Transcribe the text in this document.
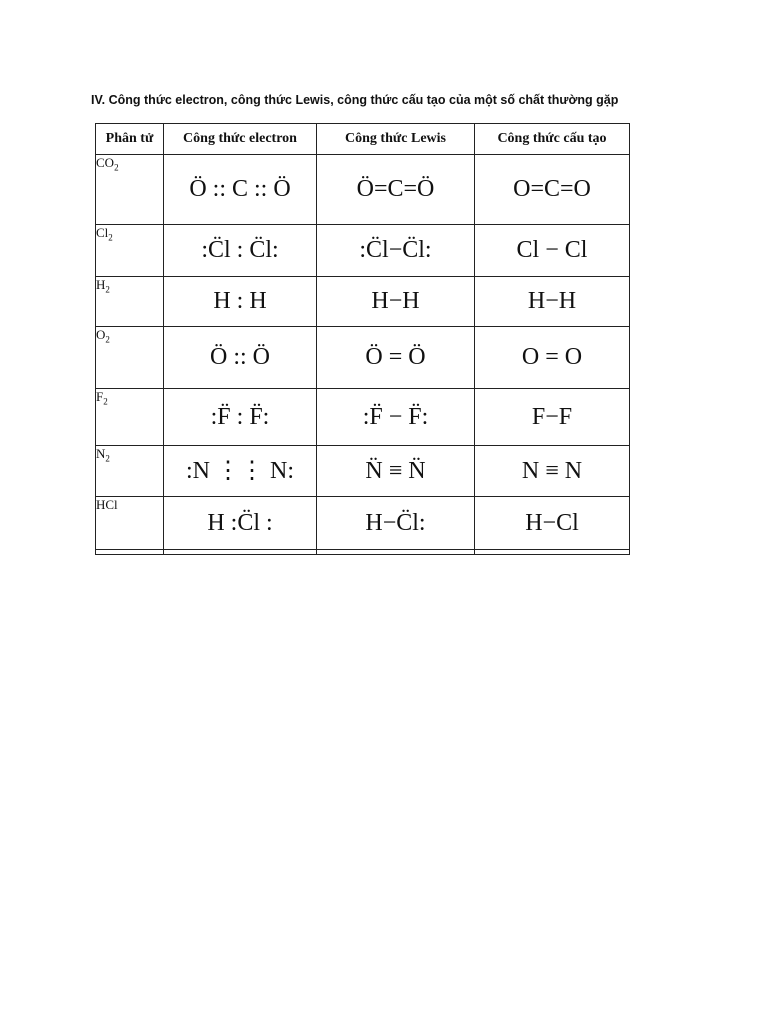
IV. Công thức electron, công thức Lewis, công thức cấu tạo của một số chất thường gặp
Phân tử	Công thức electron	Công thức Lewis	Công thức cấu tạo
$CO_2$	Ö :: C :: Ö	Ö=C=Ö	O=C=O
$Cl_2$	:C̈l : C̈l:	:C̈l−C̈l:	Cl − Cl
$H_2$	H : H	H−H	H−H
$O_2$	Ö :: Ö	Ö = Ö	O = O
$F_2$	:F̈ : F̈:	:F̈ − F̈:	F−F
$N_2$	:N ⋮⋮ N:	N̈ ≡ N̈	N ≡ N
HCl	H :C̈l :	H−C̈l:	H−Cl
